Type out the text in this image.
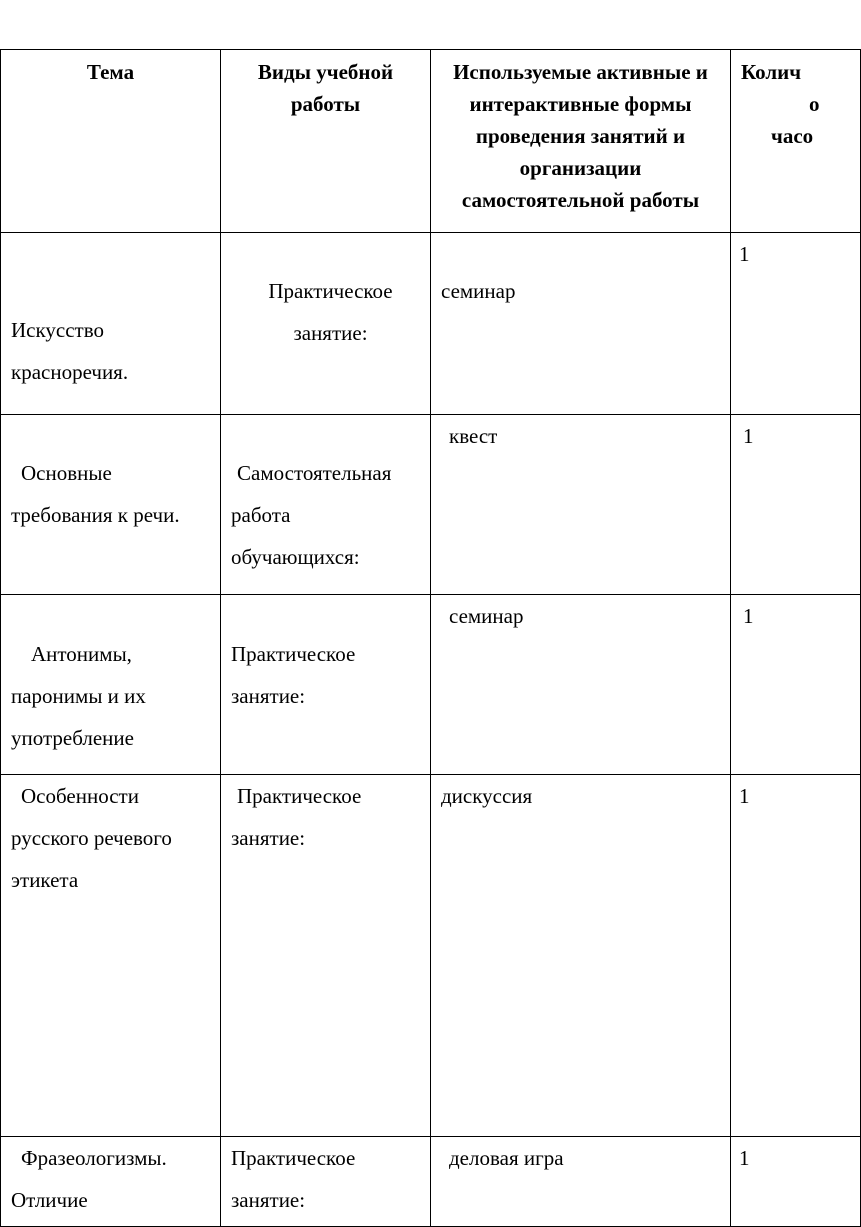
Тема	Виды учебной работы	Используемые активные и интерактивные формы проведения занятий и организации самостоятельной работы	Колич
о
часо

Искусство красноречия.	Практическое занятие:	семинар	1

Основные требования к речи.	Самостоятельная работа обучающихся:	квест	1

Антонимы, паронимы и их употребление	Практическое занятие:	семинар	1

Особенности русского речевого этикета	Практическое занятие:	дискуссия	1

Фразеологизмы. Отличие	Практическое занятие:	деловая игра	1
